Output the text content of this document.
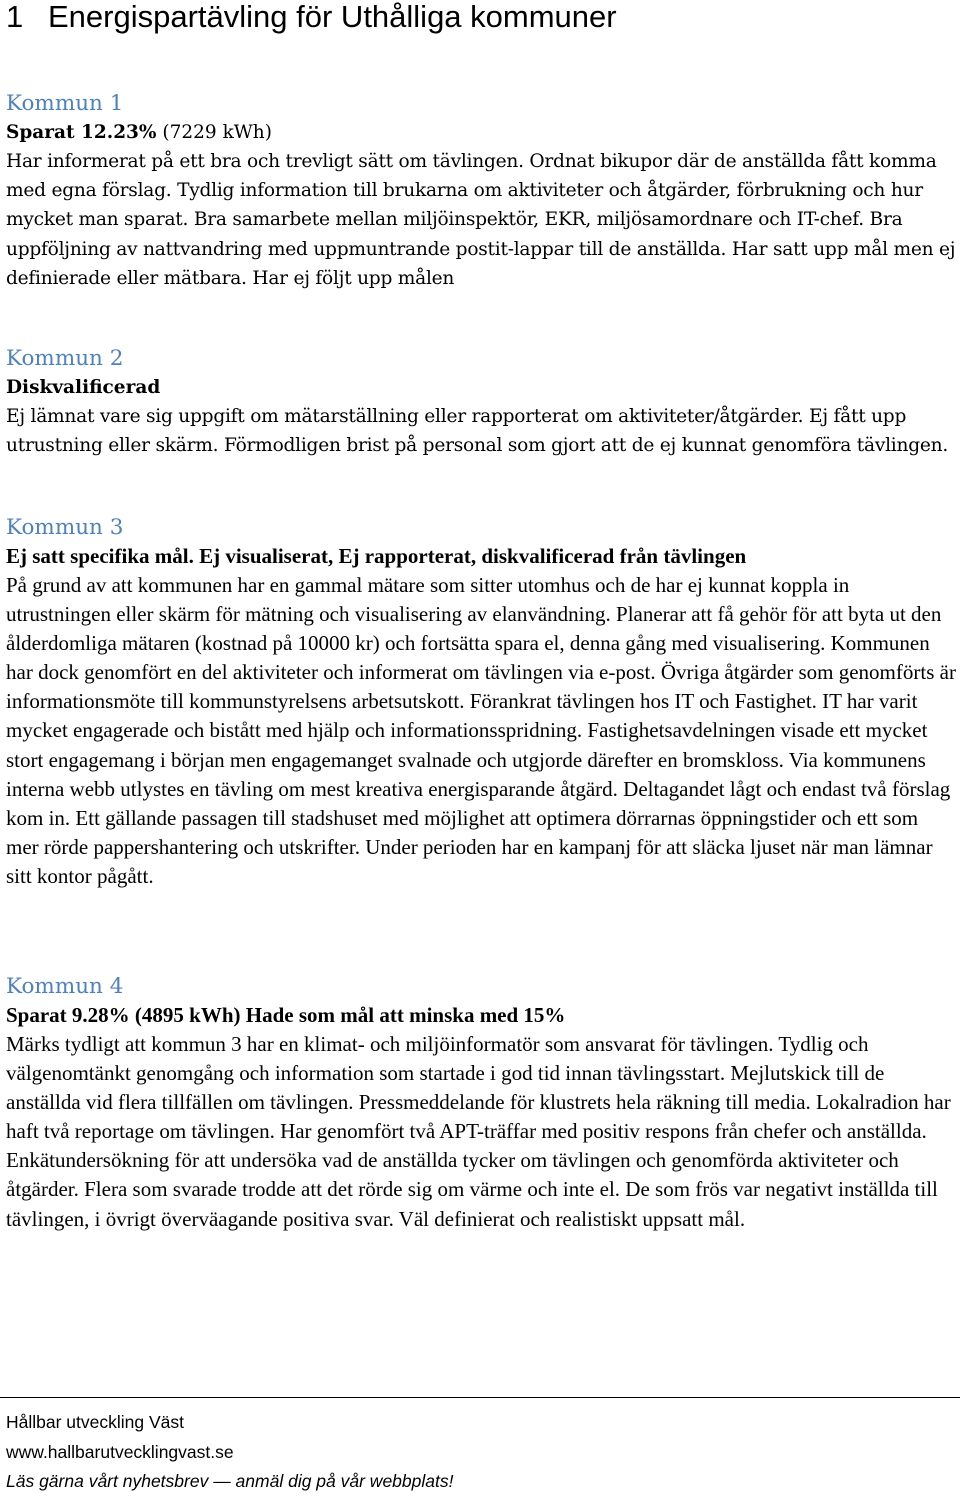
1 Energispartävling för Uthålliga kommuner
Kommun 1

Sparat 12.23% (7229 kWh)

Har informerat på ett bra och trevligt sätt om tävlingen. Ordnat bikupor där de anställda fått komma med egna förslag. Tydlig information till brukarna om aktiviteter och åtgärder, förbrukning och hur mycket man sparat. Bra samarbete mellan miljöinspektör, EKR, miljösamordnare och IT-chef. Bra uppföljning av nattvandring med uppmuntrande postit-lappar till de anställda. Har satt upp mål men ej definierade eller mätbara. Har ej följt upp målen

Kommun 2

Diskvalificerad

Ej lämnat vare sig uppgift om mätarställning eller rapporterat om aktiviteter/åtgärder. Ej fått upp utrustning eller skärm. Förmodligen brist på personal som gjort att de ej kunnat genomföra tävlingen.

Kommun 3

Ej satt specifika mål. Ej visualiserat, Ej rapporterat, diskvalificerad från tävlingen

På grund av att kommunen har en gammal mätare som sitter utomhus och de har ej kunnat koppla in utrustningen eller skärm för mätning och visualisering av elanvändning. Planerar att få gehör för att byta ut den ålderdomliga mätaren (kostnad på 10000 kr) och fortsätta spara el, denna gång med visualisering. Kommunen har dock genomfört en del aktiviteter och informerat om tävlingen via e-post. Övriga åtgärder som genomförts är informationsmöte till kommunstyrelsens arbetsutskott. Förankrat tävlingen hos IT och Fastighet. IT har varit mycket engagerade och bistått med hjälp och informationsspridning. Fastighetsavdelningen visade ett mycket stort engagemang i början men engagemanget svalnade och utgjorde därefter en bromskloss. Via kommunens interna webb utlystes en tävling om mest kreativa energisparande åtgärd. Deltagandet lågt och endast två förslag kom in. Ett gällande passagen till stadshuset med möjlighet att optimera dörrarnas öppningstider och ett som mer rörde pappershantering och utskrifter. Under perioden har en kampanj för att släcka ljuset när man lämnar sitt kontor pågått.

Kommun 4

Sparat 9.28% (4895 kWh) Hade som mål att minska med 15%

Märks tydligt att kommun 3 har en klimat- och miljöinformatör som ansvarat för tävlingen. Tydlig och välgenomtänkt genomgång och information som startade i god tid innan tävlingsstart. Mejlutskick till de anställda vid flera tillfällen om tävlingen. Pressmeddelande för klustrets hela räkning till media. Lokalradion har haft två reportage om tävlingen. Har genomfört två APT-träffar med positiv respons från chefer och anställda. Enkätundersökning för att undersöka vad de anställda tycker om tävlingen och genomförda aktiviteter och åtgärder. Flera som svarade trodde att det rörde sig om värme och inte el. De som frös var negativt inställda till tävlingen, i övrigt överväagande positiva svar. Väl definierat och realistiskt uppsatt mål.

Hållbar utveckling Väst
www.hallbarutvecklingvast.se
Läs gärna vårt nyhetsbrev — anmäl dig på vår webbplats!
